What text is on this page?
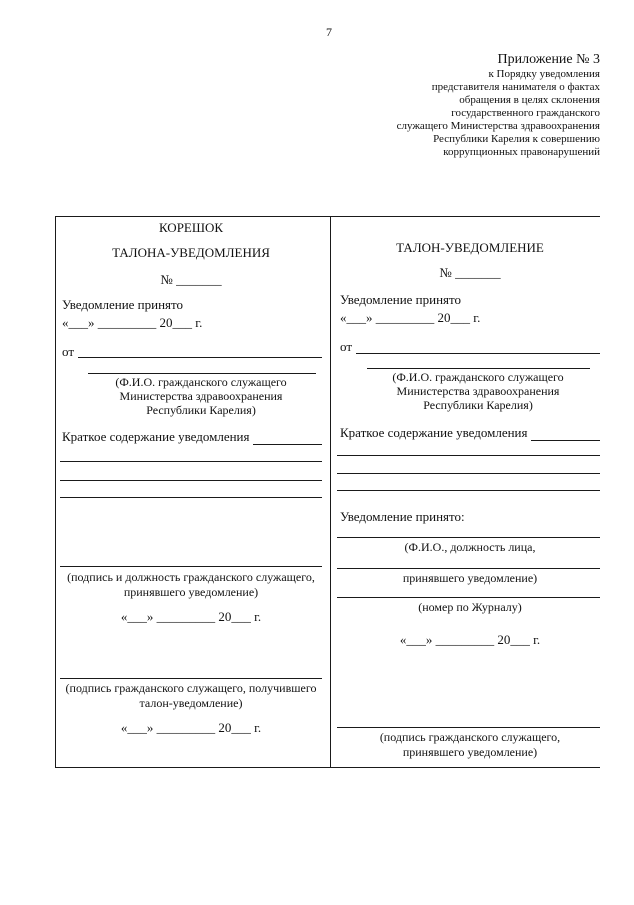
7
Приложение № 3
к Порядку уведомления
представителя нанимателя о фактах
обращения в целях склонения
государственного гражданского
служащего Министерства здравоохранения
Республики Карелия к совершению
коррупционных правонарушений
КОРЕШОК
ТАЛОНА-УВЕДОМЛЕНИЯ
№ _______
Уведомление принято
«___» _________ 20___ г.
от
(Ф.И.О. гражданского служащего
Министерства здравоохранения
Республики Карелия)
Краткое содержание уведомления
(подпись и должность гражданского служащего,
принявшего уведомление)
«___» _________ 20___ г.
(подпись гражданского служащего, получившего
талон-уведомление)
«___» _________ 20___ г.
ТАЛОН-УВЕДОМЛЕНИЕ
№ _______
Уведомление принято
«___» _________ 20___ г.
от
(Ф.И.О. гражданского служащего
Министерства здравоохранения
Республики Карелия)
Краткое содержание уведомления
Уведомление принято:
(Ф.И.О., должность лица,
принявшего уведомление)
(номер по Журналу)
«___» _________ 20___ г.
(подпись гражданского служащего,
принявшего уведомление)
